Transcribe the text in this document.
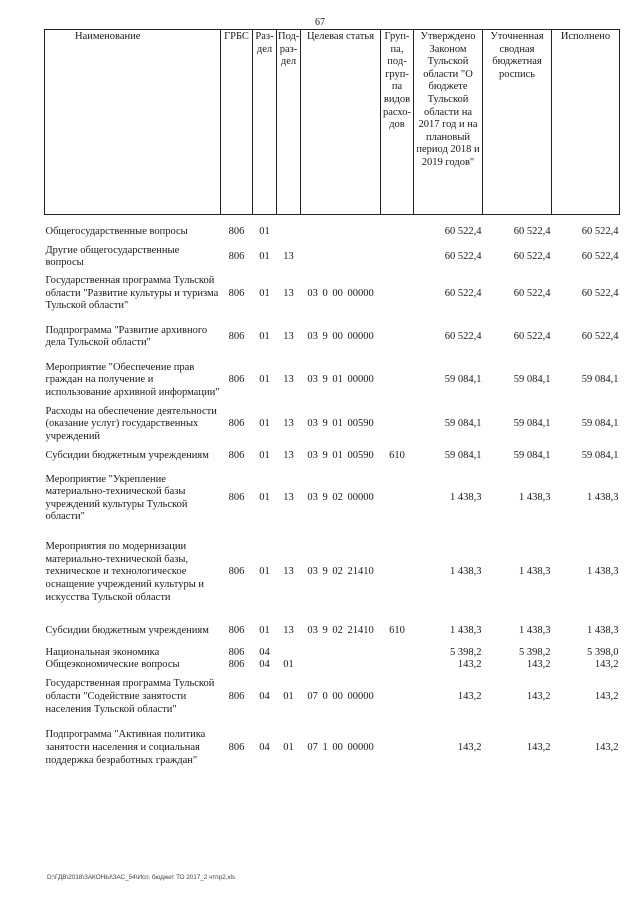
67
Наименование	ГРБС	Раз-дел	Под-раз-дел	Целевая статья	Груп-па, под-груп-па видов расхо-дов	Утверждено Законом Тульской области "О бюджете Тульской области на 2017 год и на плановый период 2018 и 2019 годов"	Уточненная сводная бюджетная роспись	Исполнено

Общегосударственные вопросы	806	01				60 522,4	60 522,4	60 522,4
Другие общегосударственные вопросы	806	01	13			60 522,4	60 522,4	60 522,4
Государственная программа Тульской области "Развитие культуры и туризма Тульской области"	806	01	13	03 0 00 00000		60 522,4	60 522,4	60 522,4
Подпрограмма "Развитие архивного дела Тульской области"	806	01	13	03 9 00 00000		60 522,4	60 522,4	60 522,4
Мероприятие "Обеспечение прав граждан на получение и использование архивной информации"	806	01	13	03 9 01 00000		59 084,1	59 084,1	59 084,1
Расходы на обеспечение деятельности (оказание услуг) государственных учреждений	806	01	13	03 9 01 00590		59 084,1	59 084,1	59 084,1
Субсидии бюджетным учреждениям	806	01	13	03 9 01 00590	610	59 084,1	59 084,1	59 084,1
Мероприятие "Укрепление материально-технической базы учреждений культуры Тульской области"	806	01	13	03 9 02 00000		1 438,3	1 438,3	1 438,3
Мероприятия по модернизации материально-технической базы, техническое и технологическое оснащение учреждений культуры и искусства Тульской области	806	01	13	03 9 02 21410		1 438,3	1 438,3	1 438,3
Субсидии бюджетным учреждениям	806	01	13	03 9 02 21410	610	1 438,3	1 438,3	1 438,3
Национальная экономика	806	04				5 398,2	5 398,2	5 398,0
Общеэкономические вопросы	806	04	01			143,2	143,2	143,2
Государственная программа Тульской области "Содействие занятости населения Тульской области"	806	04	01	07 0 00 00000		143,2	143,2	143,2
Подпрограмма "Активная политика занятости населения и социальная поддержка безработных граждан"	806	04	01	07 1 00 00000		143,2	143,2	143,2
D:\ГДВ\2018\ЗАКОНЫ\ЗАС_54\Исп. бюджет ТО 2017_2 чтпр2.xls
